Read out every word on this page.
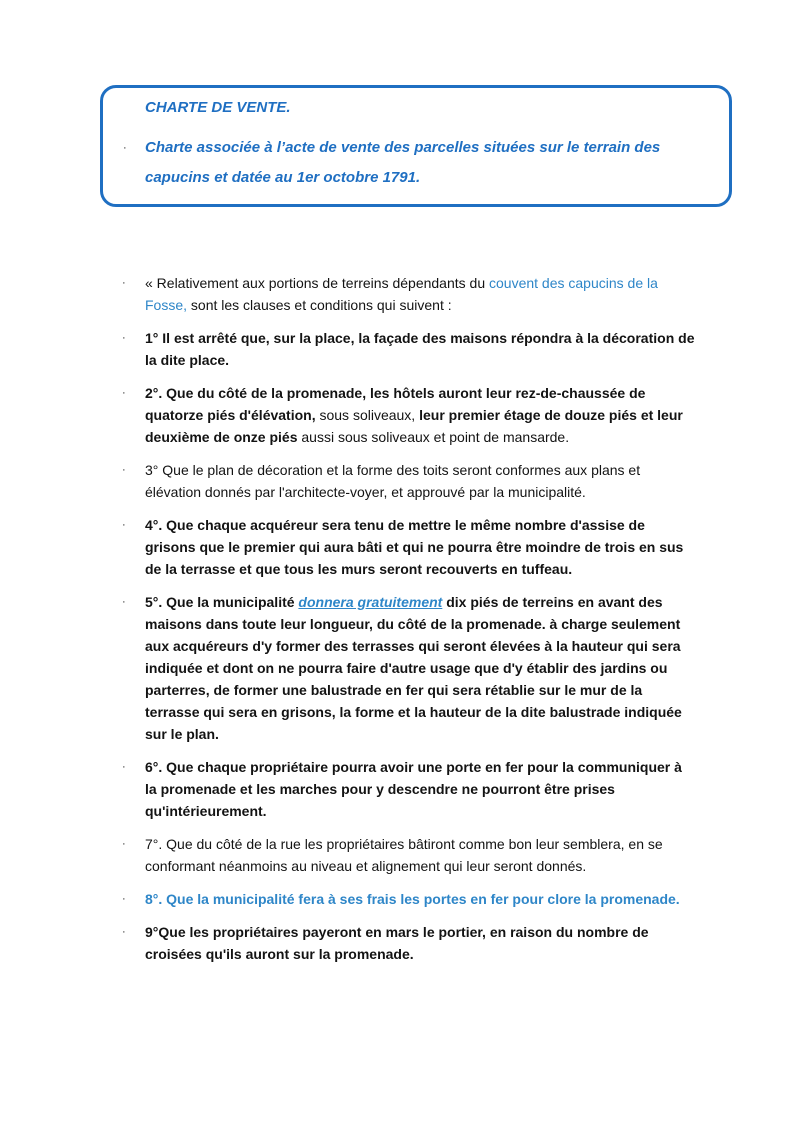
CHARTE DE VENTE.
·	Charte associée à l’acte de vente des parcelles situées sur le terrain des capucins et datée au 1er octobre 1791.

·	« Relativement aux portions de terreins dépendants du couvent des capucins de la Fosse, sont les clauses et conditions qui suivent :

·	1° Il est arrêté que, sur la place, la façade des maisons répondra à la décoration de la dite place.

·	2°. Que du côté de la promenade, les hôtels auront leur rez-de-chaussée de quatorze piés d'élévation, sous soliveaux, leur premier étage de douze piés et leur deuxième de onze piés aussi sous soliveaux et point de mansarde.

·	3° Que le plan de décoration et la forme des toits seront conformes aux plans et élévation donnés par l'architecte-voyer, et approuvé par la municipalité.

·	4°. Que chaque acquéreur sera tenu de mettre le même nombre d'assise de grisons que le premier qui aura bâti et qui ne pourra être moindre de trois en sus de la terrasse et que tous les murs seront recouverts en tuffeau.

·	5°. Que la municipalité donnera gratuitement dix piés de terreins en avant des maisons dans toute leur longueur, du côté de la promenade. à charge seulement aux acquéreurs d'y former des terrasses qui seront élevées à la hauteur qui sera indiquée et dont on ne pourra faire d'autre usage que d'y établir des jardins ou parterres, de former une balustrade en fer qui sera rétablie sur le mur de la terrasse qui sera en grisons, la forme et la hauteur de la dite balustrade indiquée sur le plan.

·	6°. Que chaque propriétaire pourra avoir une porte en fer pour la communiquer à la promenade et les marches pour y descendre ne pourront être prises qu'intérieurement.

·	7°. Que du côté de la rue les propriétaires bâtiront comme bon leur semblera, en se conformant néanmoins au niveau et alignement qui leur seront donnés.

·	8°. Que la municipalité fera à ses frais les portes en fer pour clore la promenade.

·	9°Que les propriétaires payeront en mars le portier, en raison du nombre de croisées qu'ils auront sur la promenade.
